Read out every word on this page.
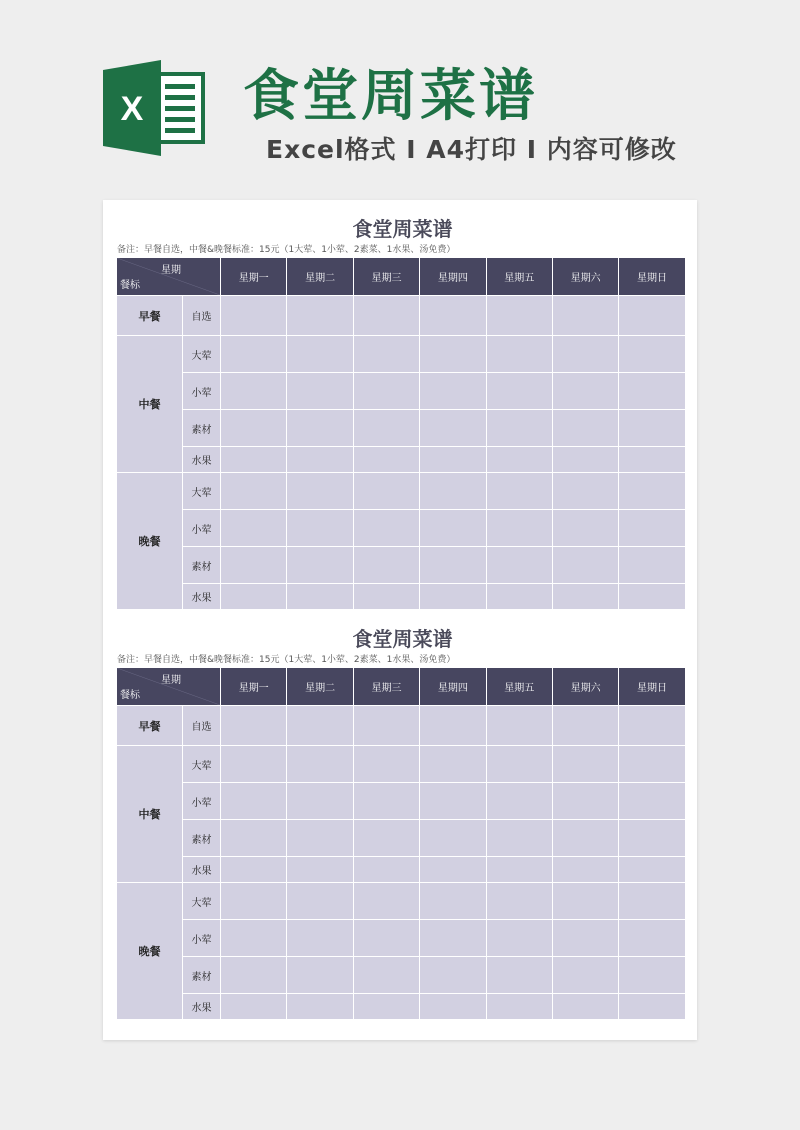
X 食堂周菜谱
Excel格式 I A4打印 I 内容可修改
食堂周菜谱
备注：早餐自选，中餐&晚餐标准：15元（1大荤、1小荤、2素菜、1水果、汤免费）
星期
餐标		星期一	星期二	星期三	星期四	星期五	星期六	星期日
早餐	自选							
中餐	大荤							
	小荤							
	素材							
	水果							
晚餐	大荤							
	小荤							
	素材							
	水果							
食堂周菜谱
备注：早餐自选，中餐&晚餐标准：15元（1大荤、1小荤、2素菜、1水果、汤免费）
星期
餐标		星期一	星期二	星期三	星期四	星期五	星期六	星期日
早餐	自选							
中餐	大荤							
	小荤							
	素材							
	水果							
晚餐	大荤							
	小荤							
	素材							
	水果							
